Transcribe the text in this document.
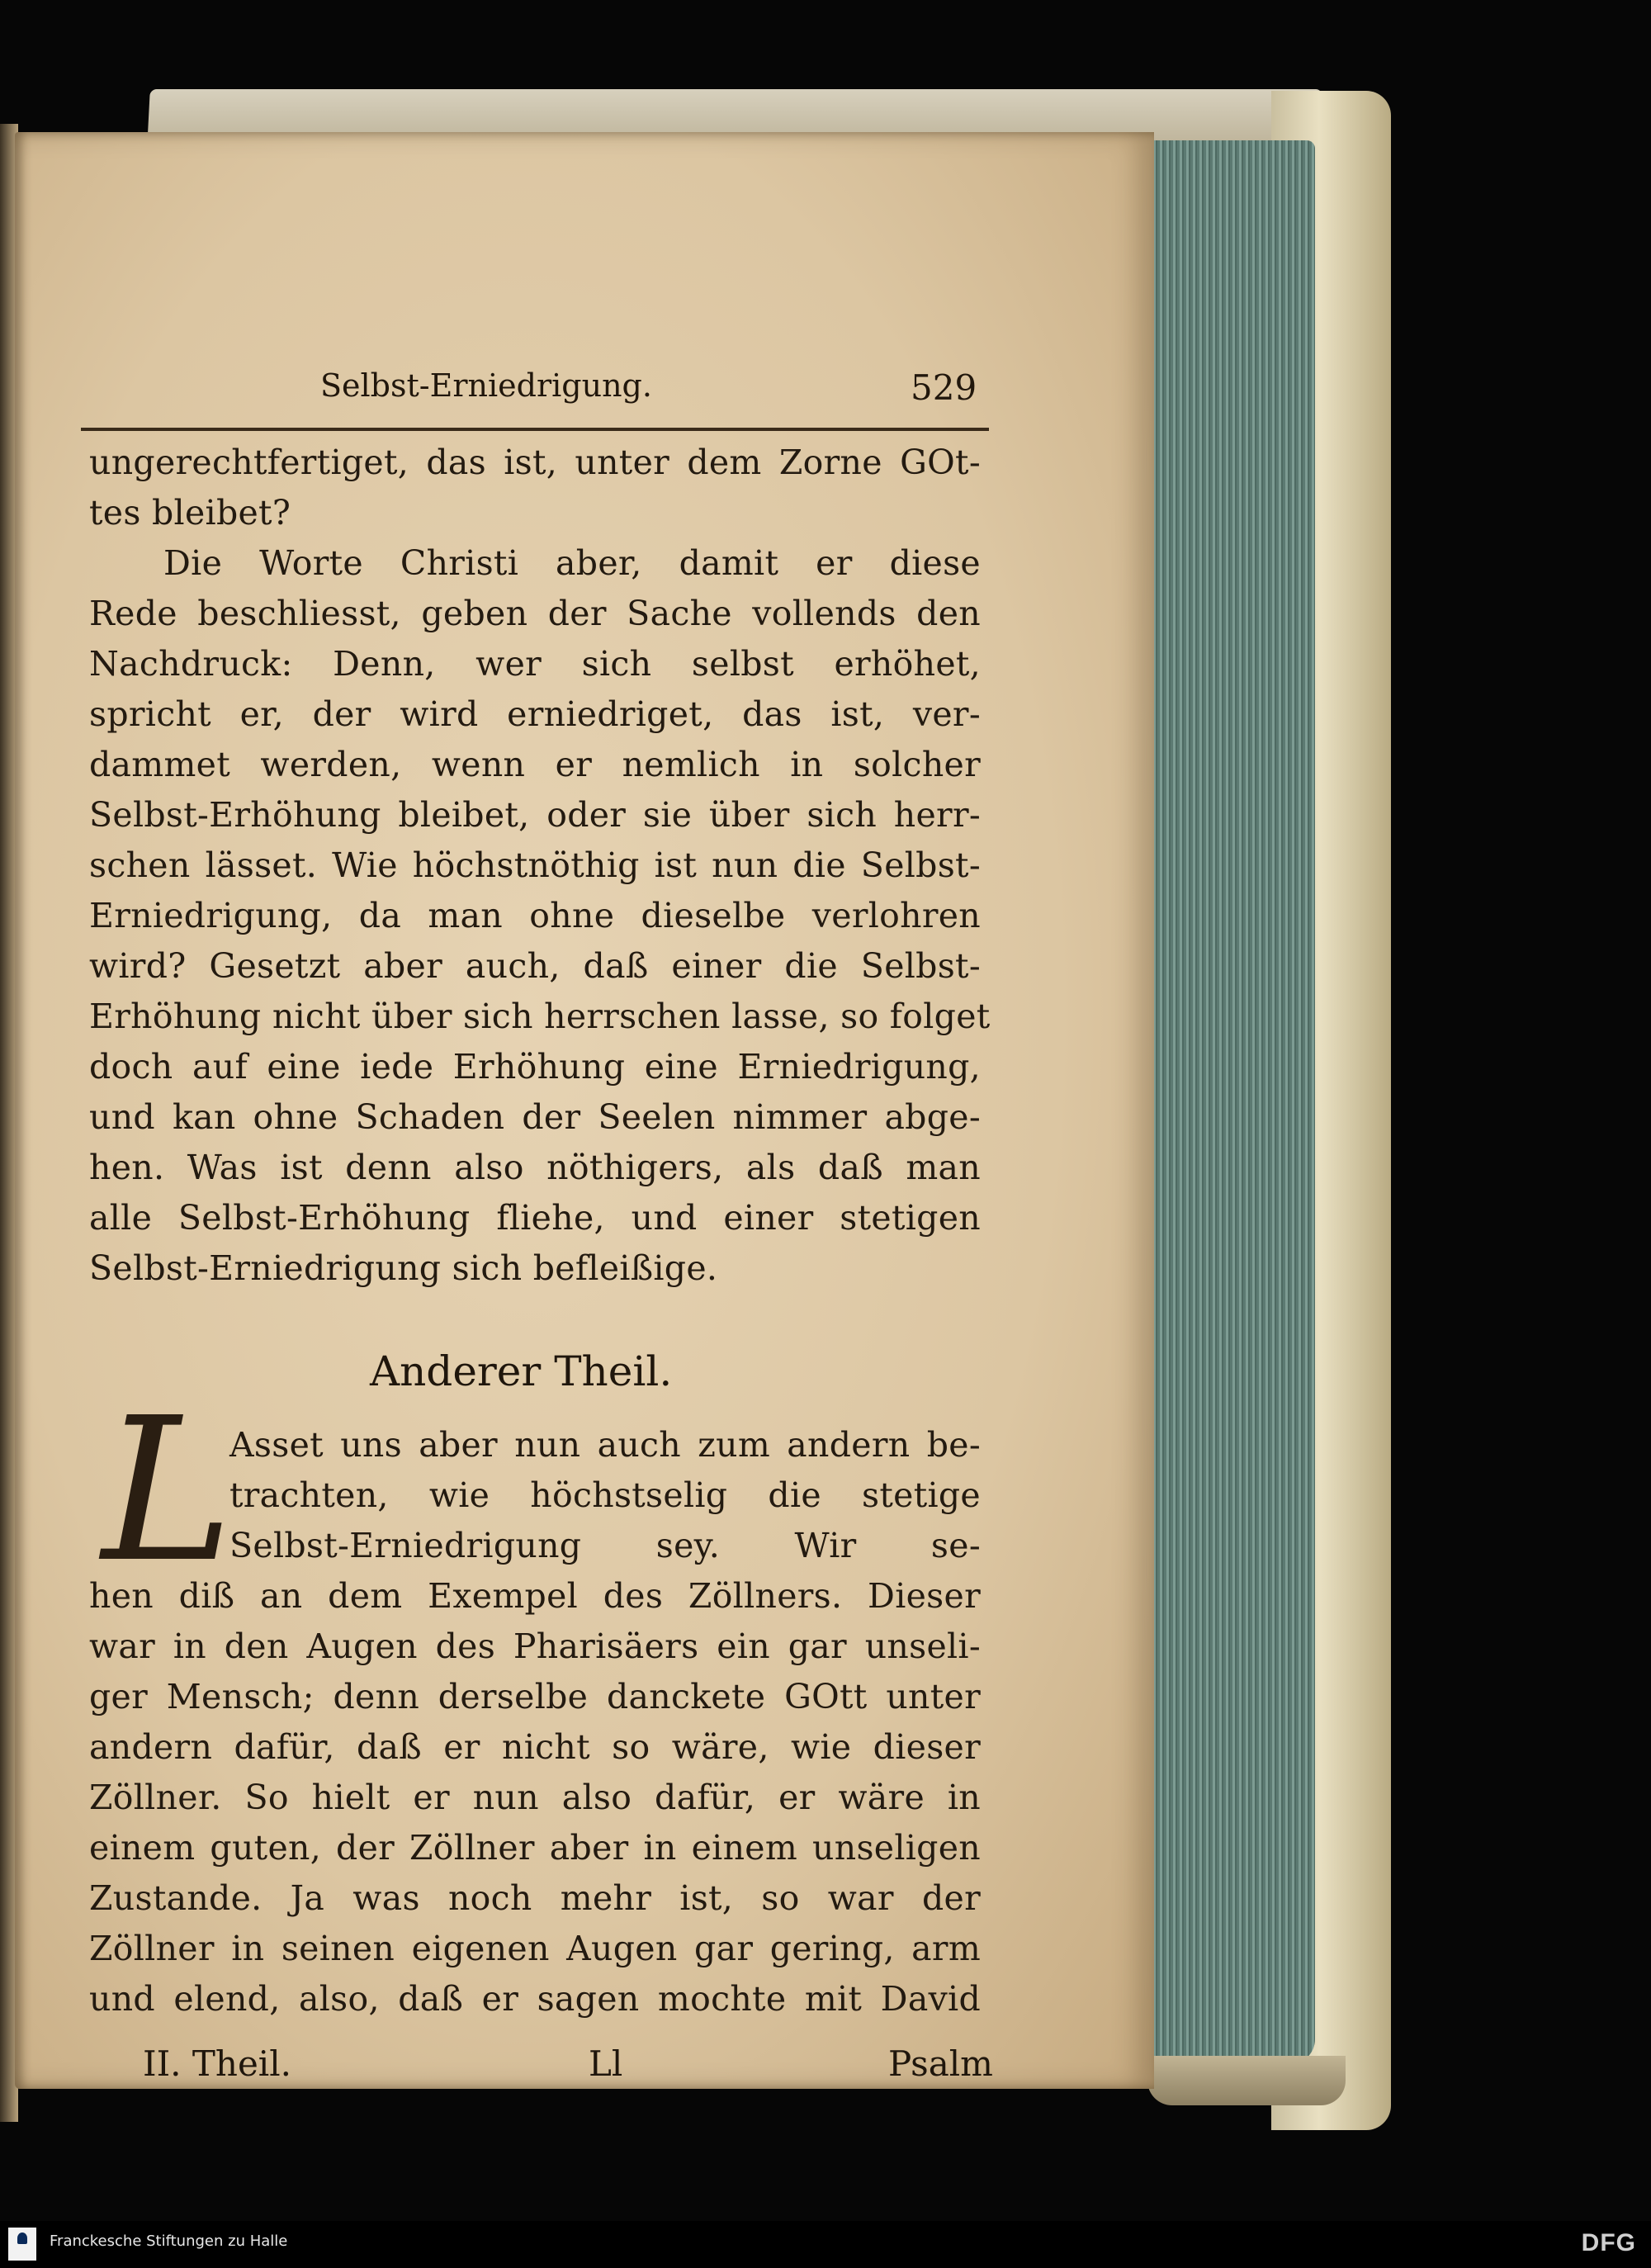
Selbst-Erniedrigung.	529
ungerechtfertiget, das ist, unter dem Zorne GOt-
tes bleibet?
Die Worte Christi aber, damit er diese
Rede beschliesst, geben der Sache vollends den
Nachdruck: Denn, wer sich selbst erhöhet,
spricht er, der wird erniedriget, das ist, ver-
dammet werden, wenn er nemlich in solcher
Selbst-Erhöhung bleibet, oder sie über sich herr-
schen lässet. Wie höchstnöthig ist nun die Selbst-
Erniedrigung, da man ohne dieselbe verlohren
wird? Gesetzt aber auch, daß einer die Selbst-
Erhöhung nicht über sich herrschen lasse, so folget
doch auf eine iede Erhöhung eine Erniedrigung,
und kan ohne Schaden der Seelen nimmer abge-
hen. Was ist denn also nöthigers, als daß man
alle Selbst-Erhöhung fliehe, und einer stetigen
Selbst-Erniedrigung sich befleißige.
Anderer Theil.
L
Asset uns aber nun auch zum andern be-
trachten, wie höchstselig die stetige
Selbst-Erniedrigung sey. Wir se-
hen diß an dem Exempel des Zöllners. Dieser
war in den Augen des Pharisäers ein gar unseli-
ger Mensch; denn derselbe danckete GOtt unter
andern dafür, daß er nicht so wäre, wie dieser
Zöllner. So hielt er nun also dafür, er wäre in
einem guten, der Zöllner aber in einem unseligen
Zustande. Ja was noch mehr ist, so war der
Zöllner in seinen eigenen Augen gar gering, arm
und elend, also, daß er sagen mochte mit David
II. Theil.	Ll	Psalm
Franckesche Stiftungen zu Halle	DFG
